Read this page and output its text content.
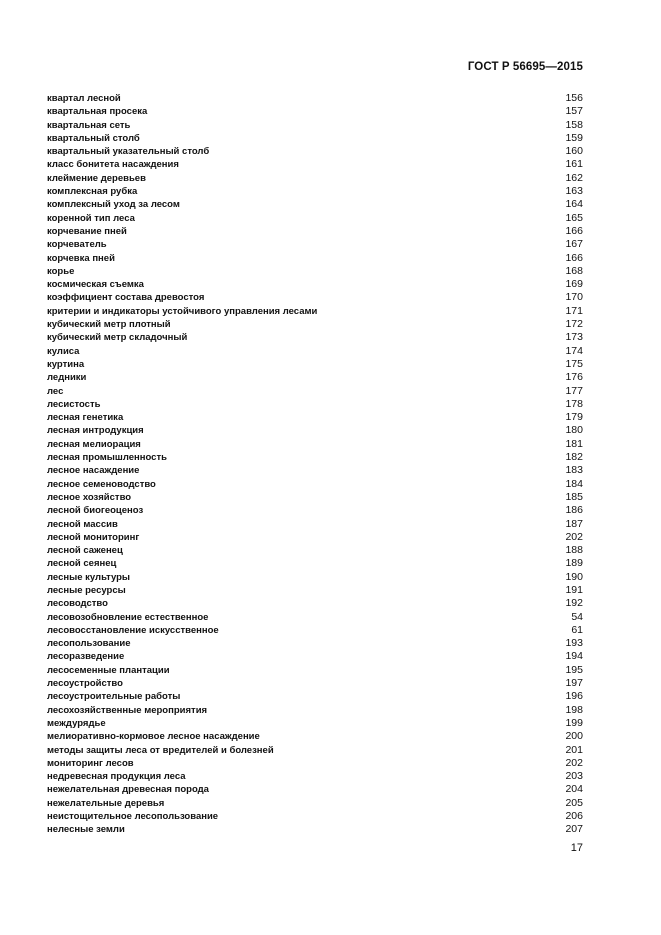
ГОСТ Р 56695—2015
квартал лесной	156
квартальная просека	157
квартальная сеть	158
квартальный столб	159
квартальный указательный столб	160
класс бонитета насаждения	161
клеймение деревьев	162
комплексная рубка	163
комплексный уход за лесом	164
коренной тип леса	165
корчевание пней	166
корчеватель	167
корчевка пней	166
корье	168
космическая съемка	169
коэффициент состава древостоя	170
критерии и индикаторы устойчивого управления лесами	171
кубический метр плотный	172
кубический метр складочный	173
кулиса	174
куртина	175
ледники	176
лес	177
лесистость	178
лесная генетика	179
лесная интродукция	180
лесная мелиорация	181
лесная промышленность	182
лесное насаждение	183
лесное семеноводство	184
лесное хозяйство	185
лесной биогеоценоз	186
лесной массив	187
лесной мониторинг	202
лесной саженец	188
лесной сеянец	189
лесные культуры	190
лесные ресурсы	191
лесоводство	192
лесовозобновление естественное	54
лесовосстановление искусственное	61
лесопользование	193
лесоразведение	194
лесосеменные плантации	195
лесоустройство	197
лесоустроительные работы	196
лесохозяйственные мероприятия	198
междурядье	199
мелиоративно-кормовое лесное насаждение	200
методы защиты леса от вредителей и болезней	201
мониторинг лесов	202
недревесная продукция леса	203
нежелательная древесная порода	204
нежелательные деревья	205
неистощительное лесопользование	206
нелесные земли	207
17
